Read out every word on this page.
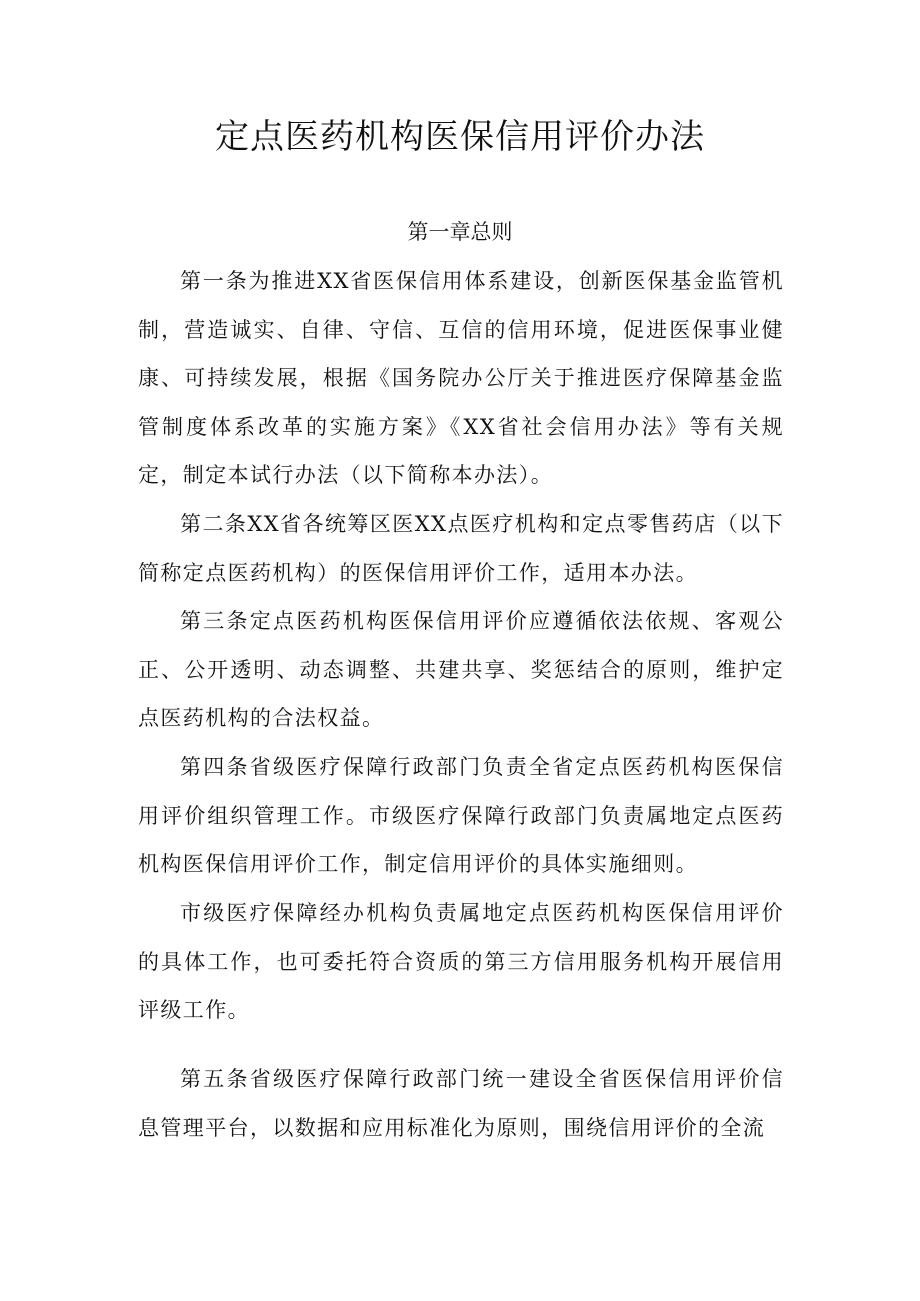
定点医药机构医保信用评价办法
第一章总则

第一条为推进XX省医保信用体系建设，创新医保基金监管机制，营造诚实、自律、守信、互信的信用环境，促进医保事业健康、可持续发展，根据《国务院办公厅关于推进医疗保障基金监管制度体系改革的实施方案》《XX省社会信用办法》等有关规定，制定本试行办法（以下简称本办法）。

第二条XX省各统筹区医XX点医疗机构和定点零售药店（以下简称定点医药机构）的医保信用评价工作，适用本办法。

第三条定点医药机构医保信用评价应遵循依法依规、客观公正、公开透明、动态调整、共建共享、奖惩结合的原则，维护定点医药机构的合法权益。

第四条省级医疗保障行政部门负责全省定点医药机构医保信用评价组织管理工作。市级医疗保障行政部门负责属地定点医药机构医保信用评价工作，制定信用评价的具体实施细则。

市级医疗保障经办机构负责属地定点医药机构医保信用评价的具体工作，也可委托符合资质的第三方信用服务机构开展信用评级工作。

第五条省级医疗保障行政部门统一建设全省医保信用评价信息管理平台，以数据和应用标准化为原则，围绕信用评价的全流
